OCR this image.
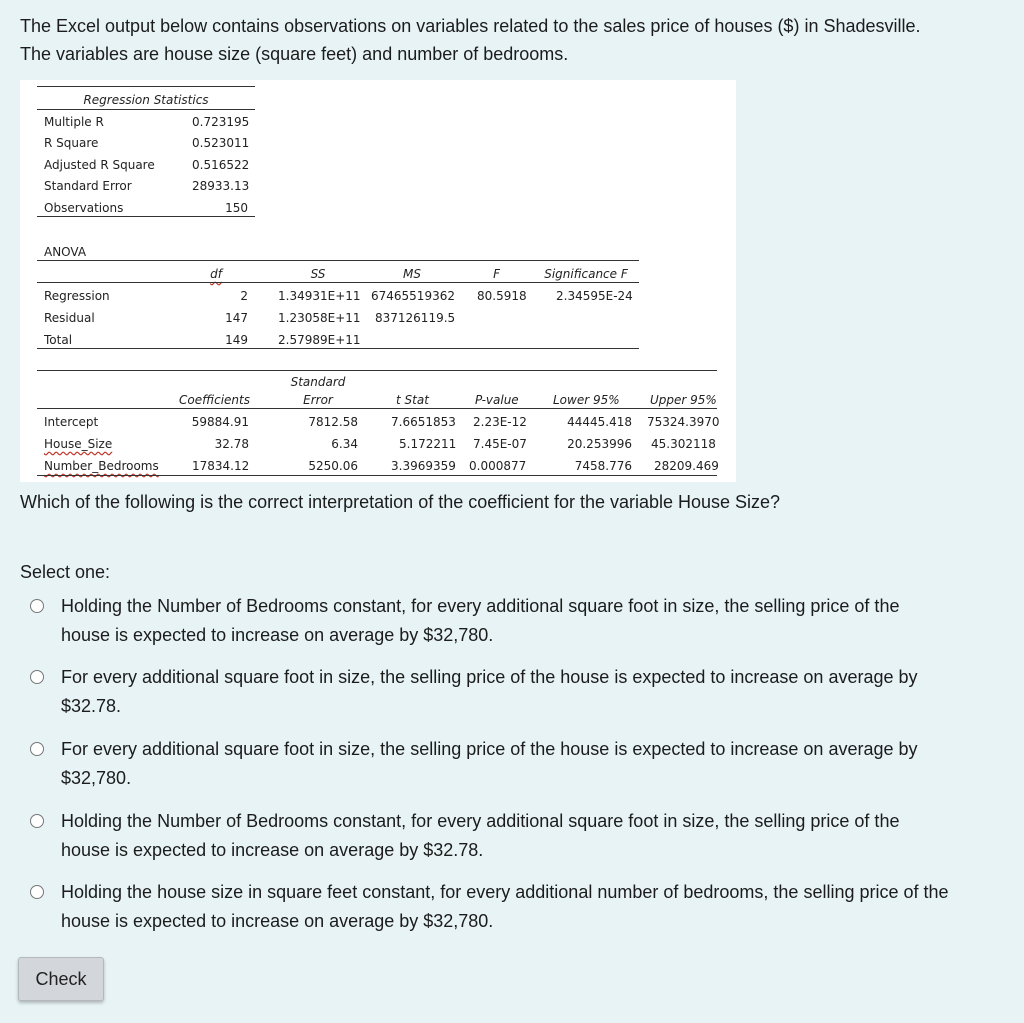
The Excel output below contains observations on variables related to the sales price of houses ($) in Shadesville.
The variables are house size (square feet) and number of bedrooms.

Regression Statistics
Multiple R	0.723195
R Square	0.523011
Adjusted R Square	0.516522
Standard Error	28933.13
Observations	150
ANOVA
df	SS	MS	F	Significance F
Regression	2	1.34931E+11 67465519362 80.5918 2.34595E-24
Residual	147	1.23058E+11 837126119.5
Total	149	2.57989E+11
Standard
Coefficients	Error	t Stat	P-value	Lower 95%	Upper 95%
Intercept	59884.91	7812.58	7.6651853 2.23E-12	44445.418 75324.3970
House_Size	32.78	6.34	5.172211 7.45E-07	20.253996 45.302118
Number_Bedrooms	17834.12	5250.06	3.3969359 0.000877	7458.776 28209.469

Which of the following is the correct interpretation of the coefficient for the variable House Size?

Select one:

Holding the Number of Bedrooms constant, for every additional square foot in size, the selling price of the
house is expected to increase on average by $32,780.
For every additional square foot in size, the selling price of the house is expected to increase on average by
$32.78.
For every additional square foot in size, the selling price of the house is expected to increase on average by
$32,780.
Holding the Number of Bedrooms constant, for every additional square foot in size, the selling price of the
house is expected to increase on average by $32.78.
Holding the house size in square feet constant, for every additional number of bedrooms, the selling price of the
house is expected to increase on average by $32,780.
Check
